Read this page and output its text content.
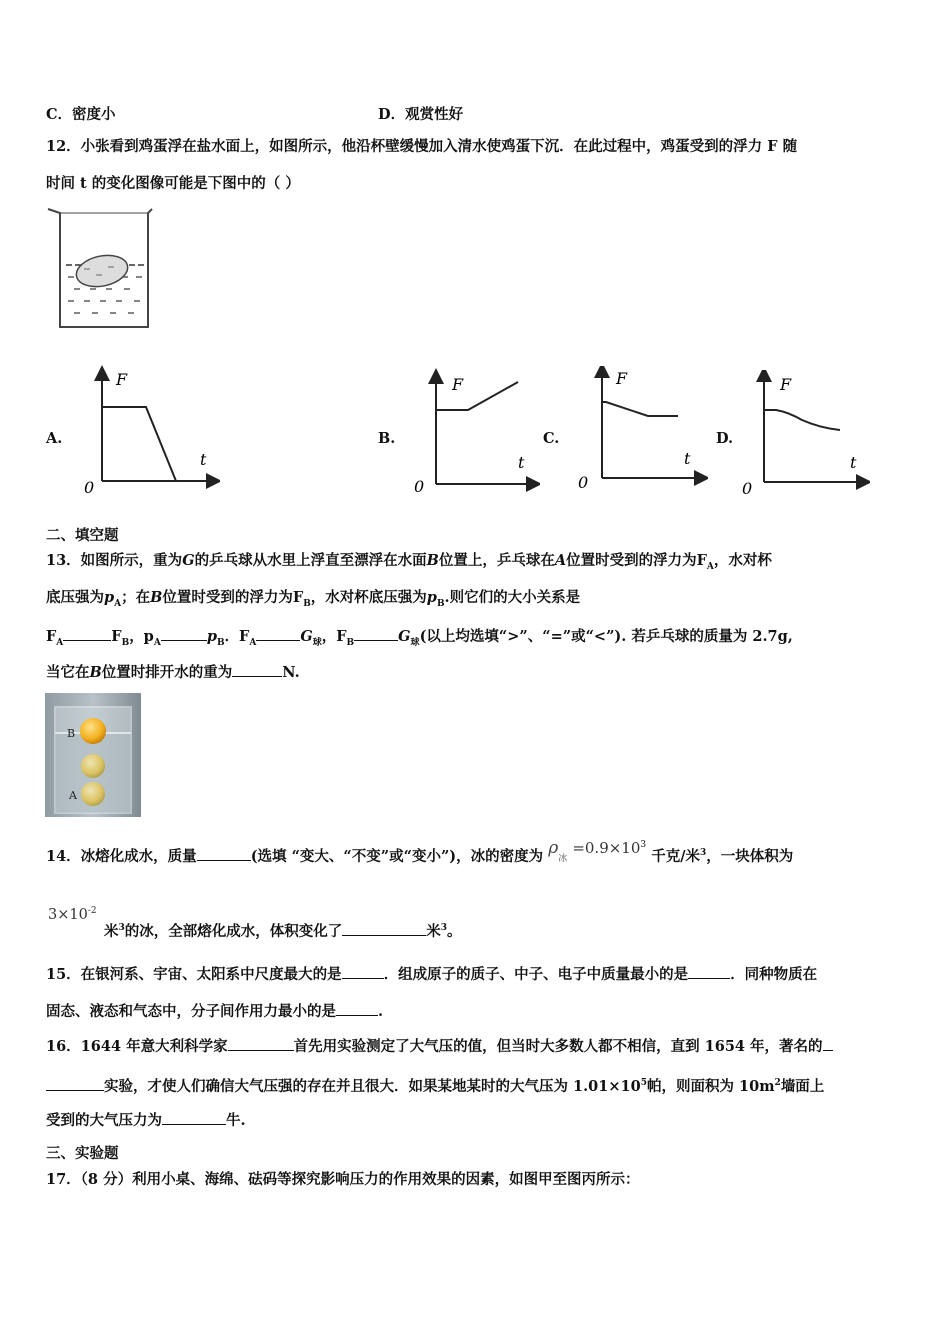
C．密度小	D．观赏性好
12．小张看到鸡蛋浮在盐水面上，如图所示，他沿杯壁缓慢加入清水使鸡蛋下沉．在此过程中，鸡蛋受到的浮力 F 随
时间 t 的变化图像可能是下图中的（ ）
A.	B.	C.	D.
F
t
0
F
t
0
F
t
0
F
t
0
二、填空题
13．如图所示，重为G的乒乓球从水里上浮直至漂浮在水面B位置上，乒乓球在A位置时受到的浮力为$F_A$，水对杯
底压强为$p_A$；在B位置时受到的浮力为$F_B$，水对杯底压强为$p_B$.则它们的大小关系是
$F_A$	$F_B$，$p_A$	$p_B$．$F_A$	$G_球$，$F_B$	$G_球$(以上均选填“>”、“=”或“<”). 若乒乓球的质量为 2.7g,
当它在B位置时排开水的重为	N.
B
A
14．冰熔化成水，质量	(选填 “变大、“不变”或“变小”)，冰的密度为 $\rho_冰 =0.9\times 10^3$ 千克/米$^3$，一块体积为
$3\times 10^{-2}$
米$^3$的冰，全部熔化成水，体积变化了	米$^3$。
15．在银河系、宇宙、太阳系中尺度最大的是	．组成原子的质子、中子、电子中质量最小的是	．同种物质在
固态、液态和气态中，分子间作用力最小的是	.
16．1644 年意大利科学家	首先用实验测定了大气压的值，但当时大多数人都不相信，直到 1654 年，著名的
实验，才使人们确信大气压强的存在并且很大．如果某地某时的大气压为 $1.01\times 10^5$帕，则面积为 $10m^2$墙面上
受到的大气压力为	牛.
三、实验题
17．（8 分）利用小桌、海绵、砝码等探究影响压力的作用效果的因素，如图甲至图丙所示：
